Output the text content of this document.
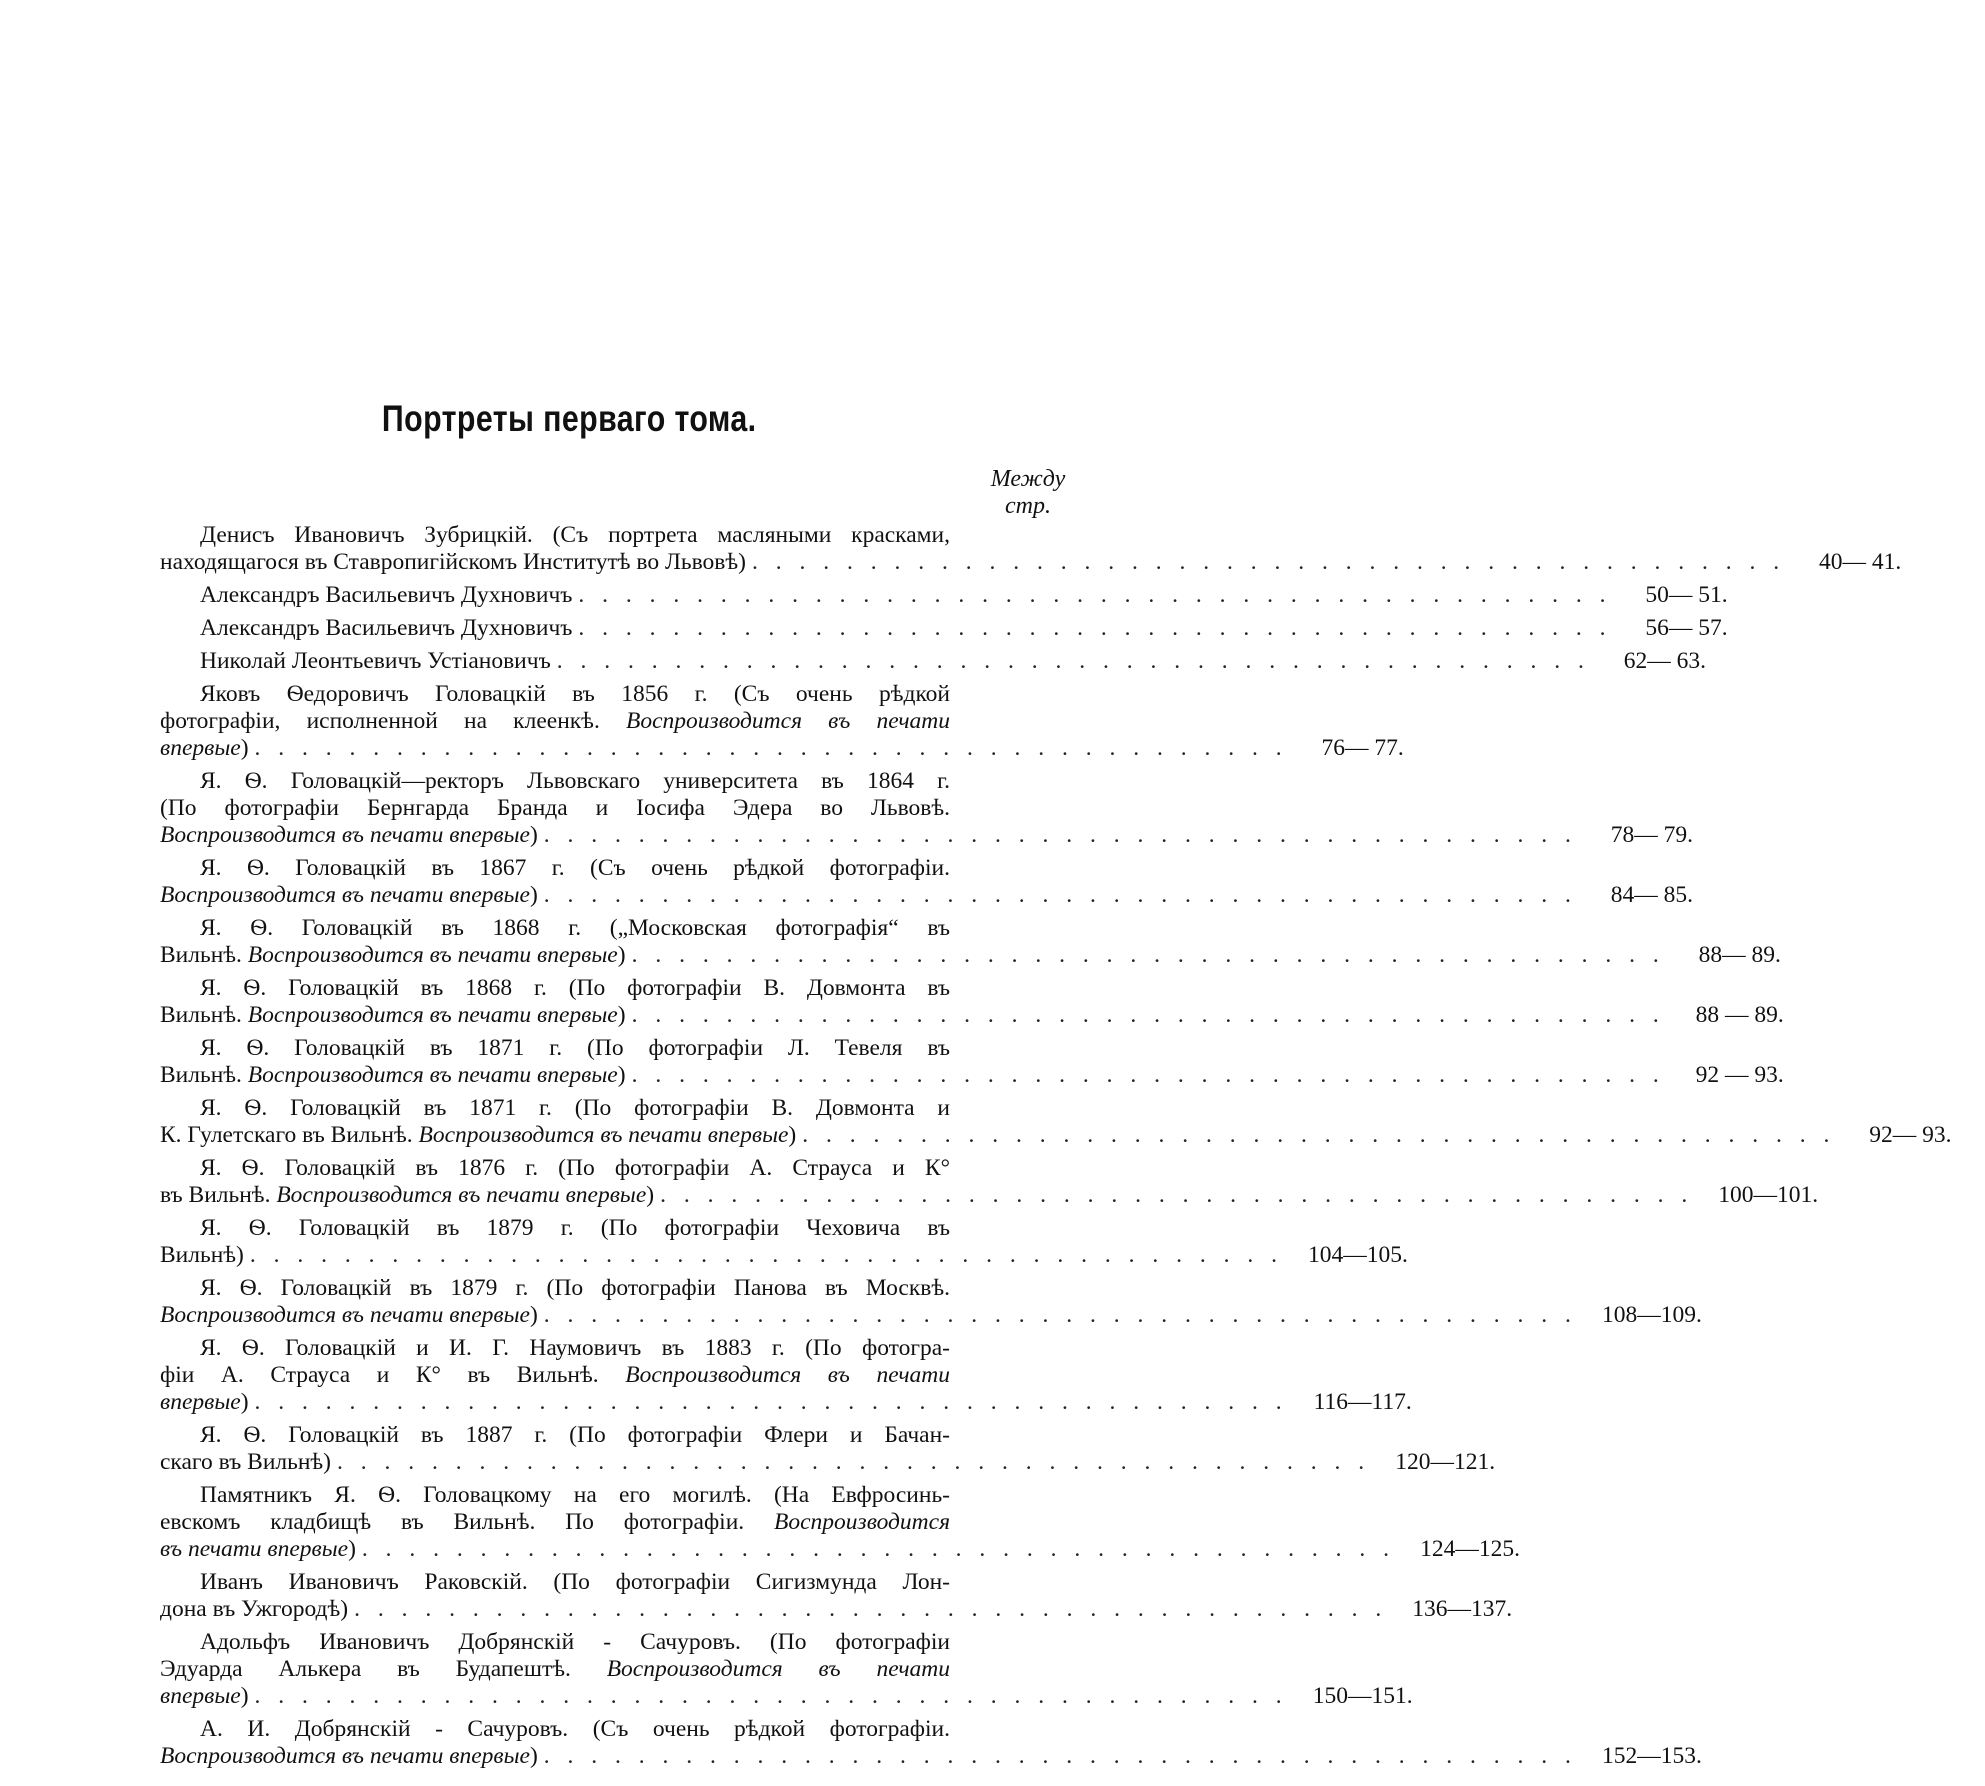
Портреты перваго тома.
Между
стр.
Денисъ Ивановичъ Зубрицкій. (Съ портрета масляными красками,
находящагося въ Ставропигійскомъ Институтѣ во Львовѣ) . . .	40— 41.
Александръ Васильевичъ Духновичъ . . .	50— 51.
Александръ Васильевичъ Духновичъ . . .	56— 57.
Николай Леонтьевичъ Устіановичъ . . .	62— 63.
Яковъ Ѳедоровичъ Головацкій въ 1856 г. (Съ очень рѣдкой
фотографіи, исполненной на клеенкѣ. Воспроизводится въ печати
впервые) . . .	76— 77.
Я. Ѳ. Головацкій—ректоръ Львовскаго университета въ 1864 г.
(По фотографіи Бернгарда Бранда и Іосифа Эдера во Львовѣ.
Воспроизводится въ печати впервые) . . .	78— 79.
Я. Ѳ. Головацкій въ 1867 г. (Съ очень рѣдкой фотографіи.
Воспроизводится въ печати впервые) . . .	84— 85.
Я. Ѳ. Головацкій въ 1868 г. („Московская фотографія“ въ
Вильнѣ. Воспроизводится въ печати впервые) . . .	88— 89.
Я. Ѳ. Головацкій въ 1868 г. (По фотографіи В. Довмонта въ
Вильнѣ. Воспроизводится въ печати впервые) . . .	88 — 89.
Я. Ѳ. Головацкій въ 1871 г. (По фотографіи Л. Тевеля въ
Вильнѣ. Воспроизводится въ печати впервые) . . .	92 — 93.
Я. Ѳ. Головацкій въ 1871 г. (По фотографіи В. Довмонта и
К. Гулетскаго въ Вильнѣ. Воспроизводится въ печати впервые) . . .	92— 93.
Я. Ѳ. Головацкій въ 1876 г. (По фотографіи А. Страуса и К°
въ Вильнѣ. Воспроизводится въ печати впервые) . . .	100—101.
Я. Ѳ. Головацкій въ 1879 г. (По фотографіи Чеховича въ
Вильнѣ) . . .	104—105.
Я. Ѳ. Головацкій въ 1879 г. (По фотографіи Панова въ Москвѣ.
Воспроизводится въ печати впервые) . . .	108—109.
Я. Ѳ. Головацкій и И. Г. Наумовичъ въ 1883 г. (По фотогра-
фіи А. Страуса и К° въ Вильнѣ. Воспроизводится въ печати
впервые) . . .	116—117.
Я. Ѳ. Головацкій въ 1887 г. (По фотографіи Флери и Бачан-
скаго въ Вильнѣ) . . .	120—121.
Памятникъ Я. Ѳ. Головацкому на его могилѣ. (На Евфросинь-
евскомъ кладбищѣ въ Вильнѣ. По фотографіи. Воспроизводится
въ печати впервые) . . .	124—125.
Иванъ Ивановичъ Раковскій. (По фотографіи Сигизмунда Лон-
дона въ Ужгородѣ) . . .	136—137.
Адольфъ Ивановичъ Добрянскій - Сачуровъ. (По фотографіи
Эдуарда Алькера въ Будапештѣ. Воспроизводится въ печати
впервые) . . .	150—151.
А. И. Добрянскій - Сачуровъ. (Съ очень рѣдкой фотографіи.
Воспроизводится въ печати впервые) . . .	152—153.
